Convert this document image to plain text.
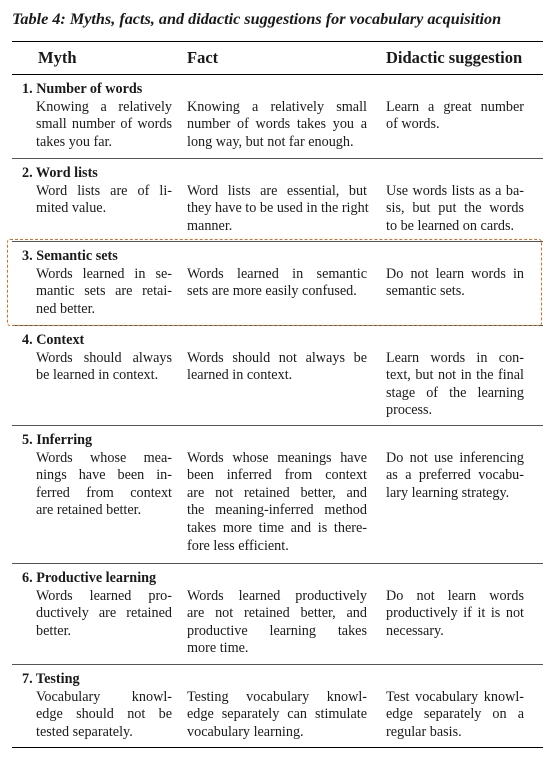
Table 4: Myths, facts, and didactic suggestions for vocabulary acquisition
Myth	Fact	Didactic suggestion
1. Number of words
Knowing a relatively
small number of words
takes you far.
Knowing a relatively small
number of words takes you a
long way, but not far enough.
Learn a great number
of words.
2. Word lists
Word lists are of li-
mited value.
Word lists are essential, but
they have to be used in the right
manner.
Use words lists as a ba-
sis, but put the words
to be learned on cards.
3. Semantic sets
Words learned in se-
mantic sets are retai-
ned better.
Words learned in semantic
sets are more easily confused.
Do not learn words in
semantic sets.
4. Context
Words should always
be learned in context.
Words should not always be
learned in context.
Learn words in con-
text, but not in the final
stage of the learning
process.
5. Inferring
Words whose mea-
nings have been in-
ferred from context
are retained better.
Words whose meanings have
been inferred from context
are not retained better, and
the meaning-inferred method
takes more time and is there-
fore less efficient.
Do not use inferencing
as a preferred vocabu-
lary learning strategy.
6. Productive learning
Words learned pro-
ductively are retained
better.
Words learned productively
are not retained better, and
productive learning takes
more time.
Do not learn words
productively if it is not
necessary.
7. Testing
Vocabulary knowl-
edge should not be
tested separately.
Testing vocabulary knowl-
edge separately can stimulate
vocabulary learning.
Test vocabulary knowl-
edge separately on a
regular basis.
